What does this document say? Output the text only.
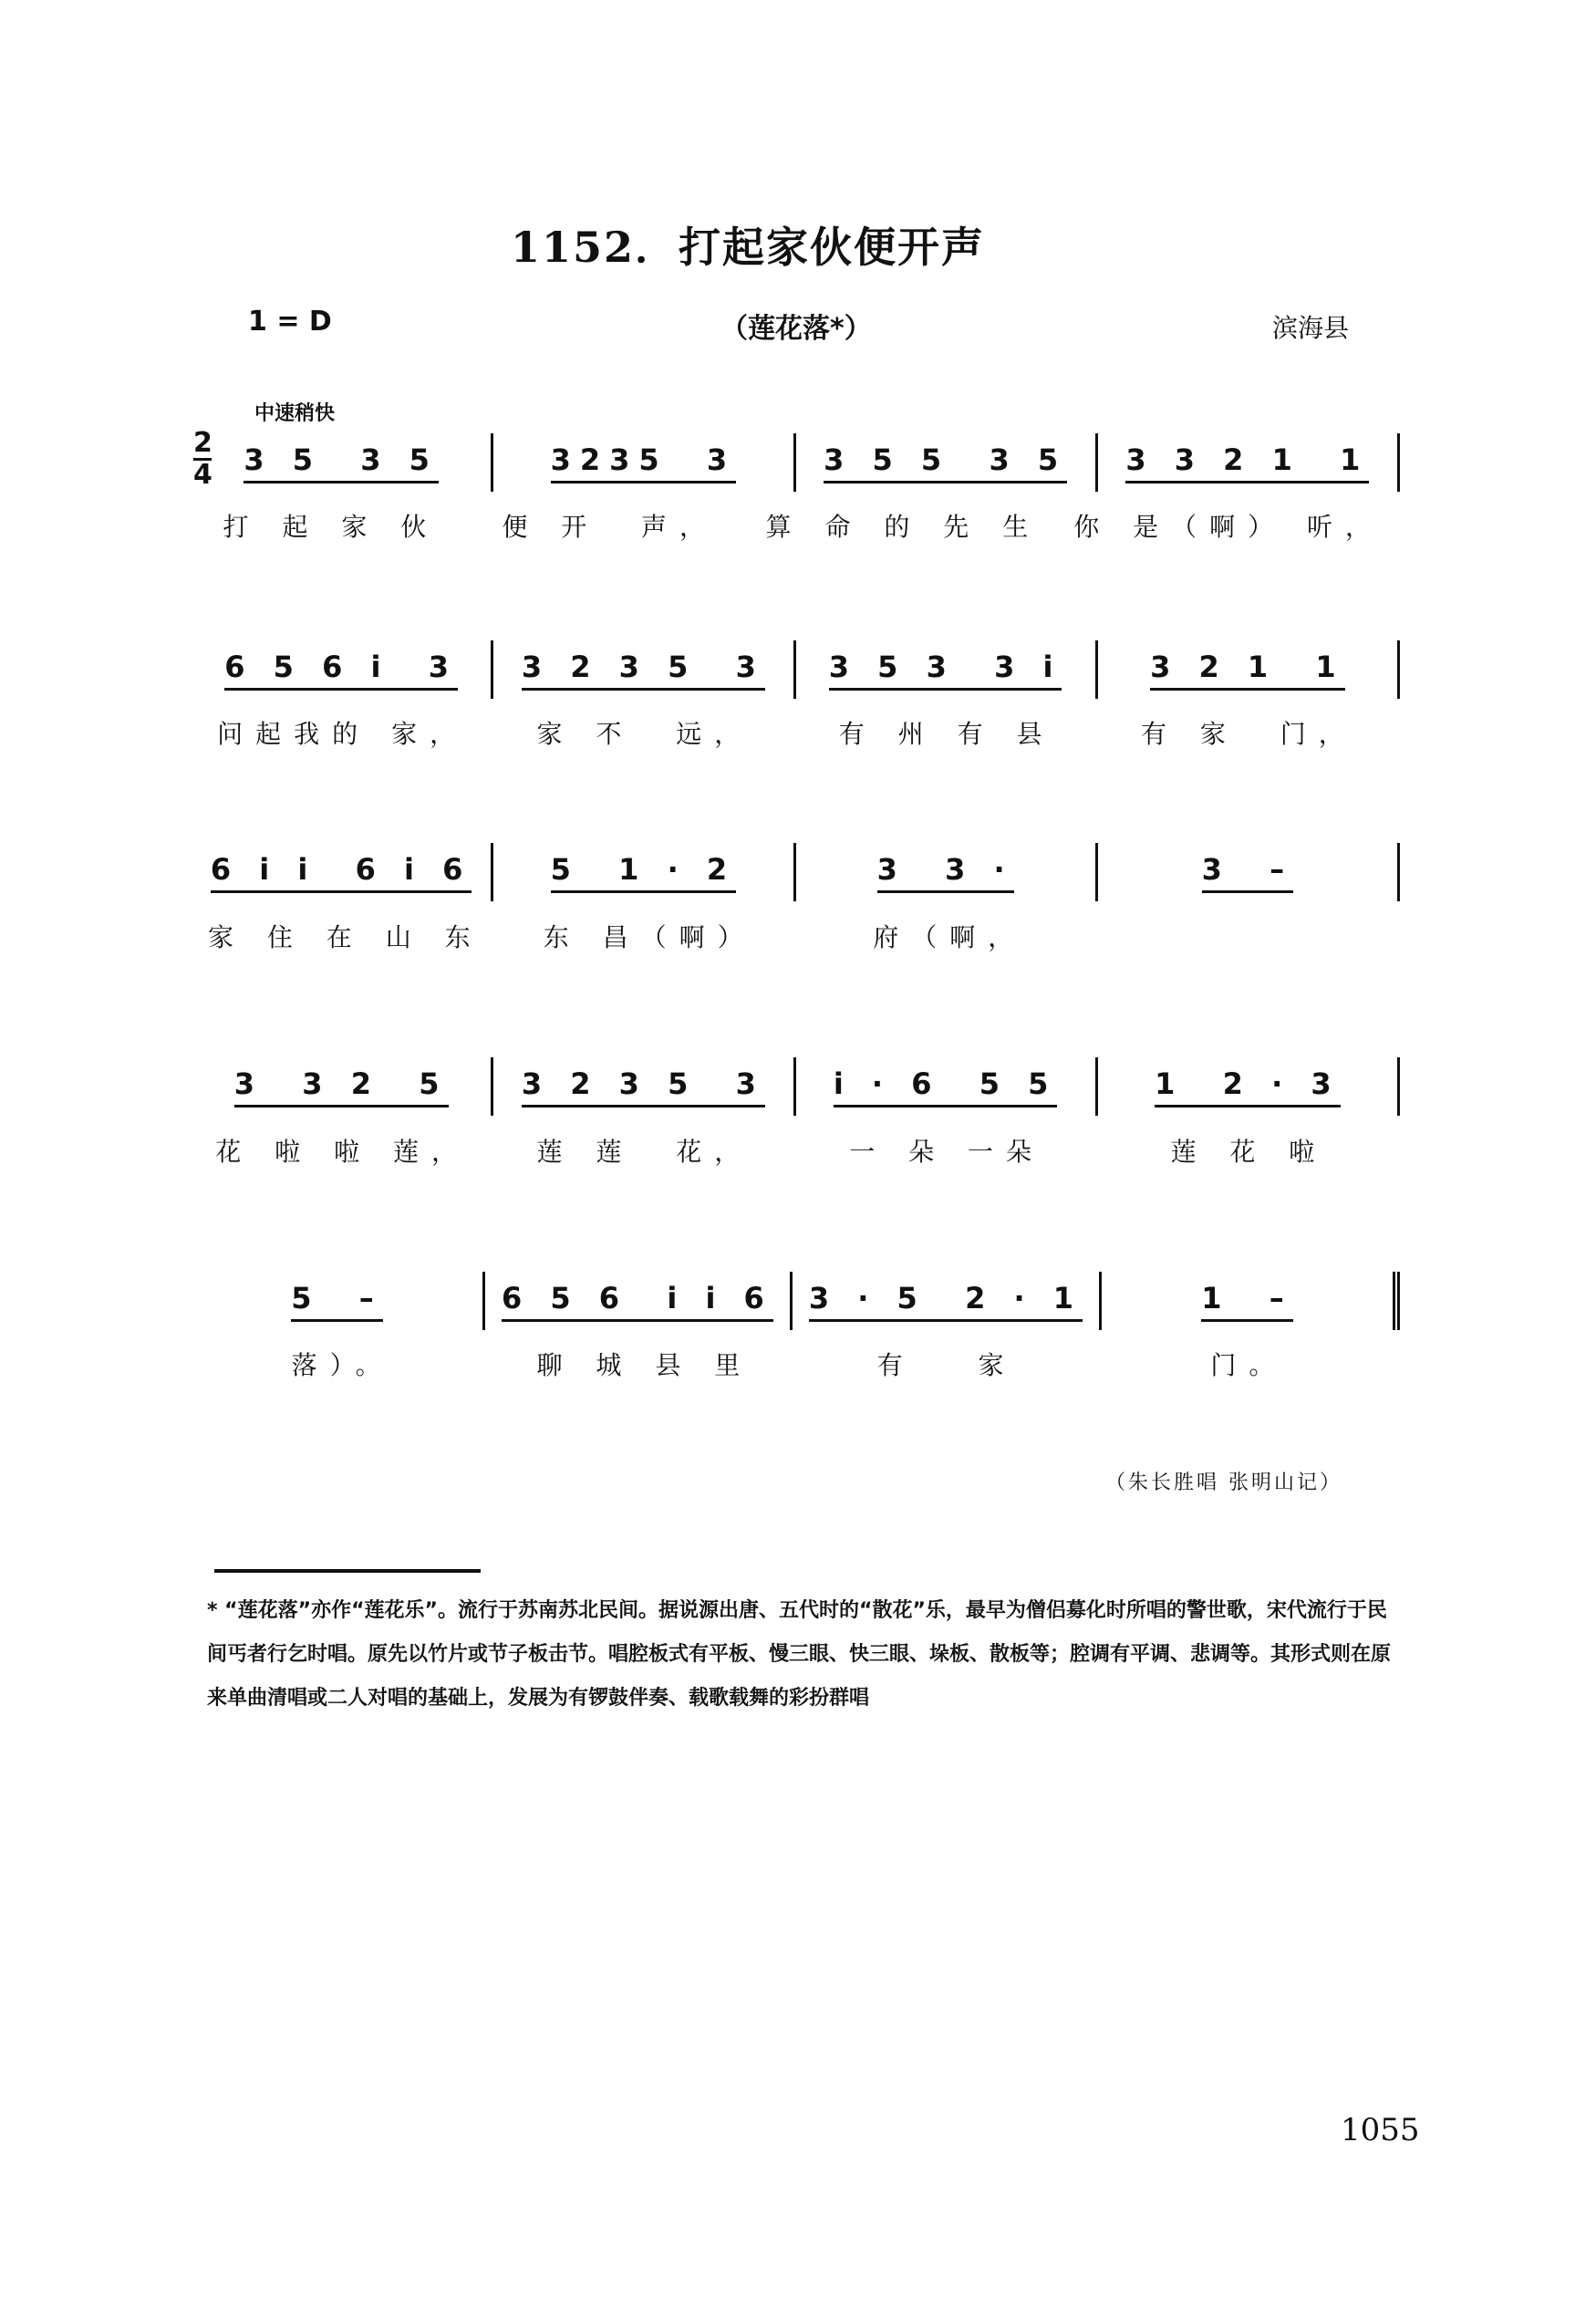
1152．打起家伙便开声
1 = D	（莲花落*）	滨海县
中速稍快
2
4 3 5  3 5	3235  3	3 5 5  3 5 3 3 2 1  1
打 起 家 伙	便 开  声，	算 命 的 先 生	你 是（啊） 听，
6 5 6 i  3 3 2 3 5  3 3 5 3  3 i	3 2 1  1
问起我的 家，	家 不  远，	有 州 有 县	有 家  门，
6 i i  6 i 6	5  1 · 2	3  3 ·	3  –
家 住 在 山 东	东 昌（啊）	府（啊，
3  3 2  5	3 2 3 5  3 i · 6  5 5	1  2 · 3
花 啦 啦 莲，	莲 莲  花，	一 朵 一朵	莲 花 啦
5  –	6 5 6  i i 6 3 · 5  2 · 1	1  –
落）。	聊 城 县 里	有   家	门。
（朱长胜唱 张明山记）
* “莲花落”亦作“莲花乐”。流行于苏南苏北民间。据说源出唐、五代时的“散花”乐，最早为僧侣募化时所唱的警世歌，宋代流行于民间丐者行乞时唱。原先以竹片或节子板击节。唱腔板式有平板、慢三眼、快三眼、垛板、散板等；腔调有平调、悲调等。其形式则在原来单曲清唱或二人对唱的基础上，发展为有锣鼓伴奏、载歌载舞的彩扮群唱
1055
